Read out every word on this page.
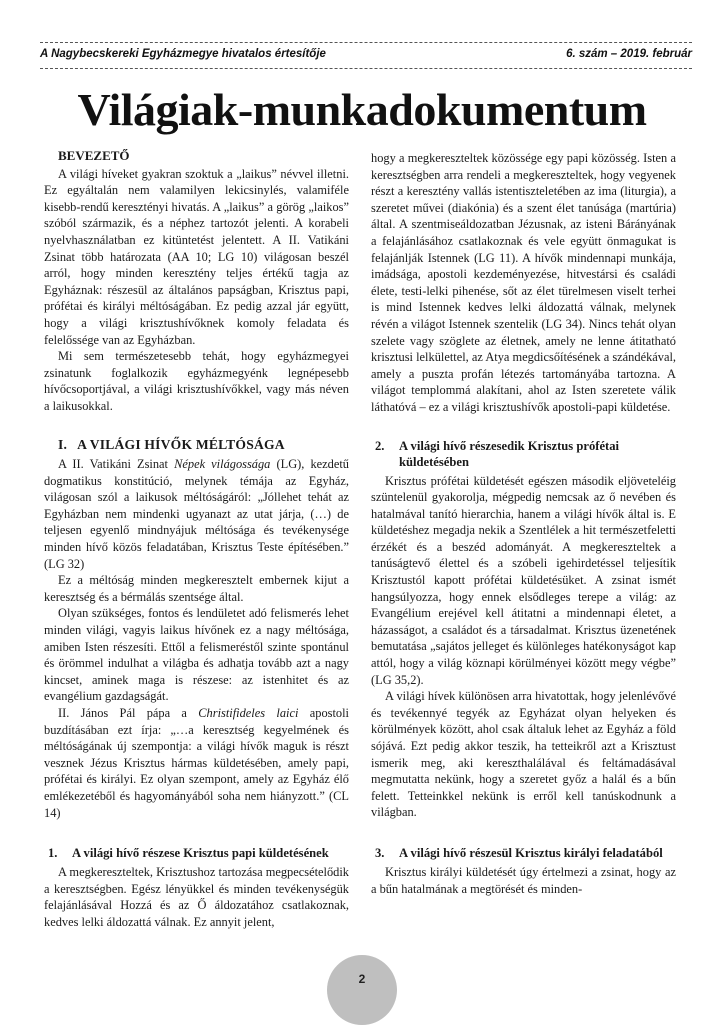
A Nagybecskereki Egyházmegye hivatalos értesítője	6. szám – 2019. február
Világiak-munkadokumentum
BEVEZETŐ

A világi híveket gyakran szoktuk a „laikus” névvel illetni. Ez egyáltalán nem valamilyen lekicsinylés, valamiféle kisebb-rendű keresztényi hivatás. A „laikus” a görög „laikos” szóból származik, és a néphez tartozót jelenti. A korabeli nyelvhasználatban ez kitüntetést jelentett. A II. Vatikáni Zsinat több határozata (AA 10; LG 10) világosan beszél arról, hogy minden keresztény teljes értékű tagja az Egyháznak: részesül az általános papságban, Krisztus papi, prófétai és királyi méltóságában. Ez pedig azzal jár együtt, hogy a világi krisztushívőknek komoly feladata és felelőssége van az Egyházban.

Mi sem természetesebb tehát, hogy egyházmegyei zsinatunk foglalkozik egyházmegyénk legnépesebb hívőcsoportjával, a világi krisztushívőkkel, vagy más néven a laikusokkal.

I.   A VILÁGI HÍVŐK MÉLTÓSÁGA

A II. Vatikáni Zsinat Népek világossága (LG), kezdetű dogmatikus konstitúció, melynek témája az Egyház, világosan szól a laikusok méltóságáról: „Jóllehet tehát az Egyházban nem mindenki ugyanazt az utat járja, (…) de teljesen egyenlő mindnyájuk méltósága és tevékenysége minden hívő közös feladatában, Krisztus Teste építésében.” (LG 32)

Ez a méltóság minden megkeresztelt embernek kijut a keresztség és a bérmálás szentsége által.

Olyan szükséges, fontos és lendületet adó felismerés lehet minden világi, vagyis laikus hívőnek ez a nagy méltósága, amiben Isten részesíti. Ettől a felismeréstől szinte spontánul és örömmel indulhat a világba és adhatja tovább azt a nagy kincset, aminek maga is részese: az istenhitet és az evangélium gazdagságát.

II. János Pál pápa a Christifideles laici apostoli buzdításában ezt írja: „…a keresztség kegyelmének és méltóságának új szempontja: a világi hívők maguk is részt vesznek Jézus Krisztus hármas küldetésében, amely papi, prófétai és királyi. Ez olyan szempont, amely az Egyház élő emlékezetéből és hagyományából soha nem hiányzott.” (CL 14)

1.	A világi hívő részese Krisztus papi küldetésének

A megkereszteltek, Krisztushoz tartozása megpecsételődik a keresztségben. Egész lényükkel és minden tevékenységük felajánlásával Hozzá és az Ő áldozatához csatlakoznak, kedves lelki áldozattá válnak. Ez annyit jelent,

hogy a megkereszteltek közössége egy papi közösség. Isten a keresztségben arra rendeli a megkereszteltek, hogy vegyenek részt a keresztény vallás istentiszteletében az ima (liturgia), a szeretet művei (diakónia) és a szent élet tanúsága (martúria) által. A szentmiseáldozatban Jézusnak, az isteni Bárányának a felajánlásához csatlakoznak és vele együtt önmagukat is felajánlják Istennek (LG 11). A hívők mindennapi munkája, imádsága, apostoli kezdeményezése, hitvestársi és családi élete, testi-lelki pihenése, sőt az élet türelmesen viselt terhei is mind Istennek kedves lelki áldozattá válnak, melynek révén a világot Istennek szentelik (LG 34). Nincs tehát olyan szelete vagy szöglete az életnek, amely ne lenne átitatható krisztusi lelkülettel, az Atya megdicsőítésének a szándékával, amely a puszta profán létezés tartományába tartozna. A világot templommá alakítani, ahol az Isten szeretete válik láthatóvá – ez a világi krisztushívők apostoli-papi küldetése.

2.	A világi hívő részesedik Krisztus prófétai küldetésében

Krisztus prófétai küldetését egészen második eljöveteléig szüntelenül gyakorolja, mégpedig nemcsak az ő nevében és hatalmával tanító hierarchia, hanem a világi hívők által is. E küldetéshez megadja nekik a Szentlélek a hit természetfeletti érzékét és a beszéd adományát. A megkereszteltek a tanúságtevő élettel és a szóbeli igehirdetéssel teljesítik Krisztustól kapott prófétai küldetésüket. A zsinat ismét hangsúlyozza, hogy ennek elsődleges terepe a világ: az Evangélium erejével kell átitatni a mindennapi életet, a házasságot, a családot és a társadalmat. Krisztus üzenetének bemutatása „sajátos jelleget és különleges hatékonyságot kap attól, hogy a világ köznapi körülményei között megy végbe” (LG 35,2).

A világi hívek különösen arra hivatottak, hogy jelenlévővé és tevékennyé tegyék az Egyházat olyan helyeken és körülmények között, ahol csak általuk lehet az Egyház a föld sójává. Ezt pedig akkor teszik, ha tetteikről azt a Krisztust ismerik meg, aki kereszthalálával és feltámadásával megmutatta nekünk, hogy a szeretet győz a halál és a bűn felett. Tetteinkkel nekünk is erről kell tanúskodnunk a világban.

3.	A világi hívő részesül Krisztus királyi feladatából

Krisztus királyi küldetését úgy értelmezi a zsinat, hogy az a bűn hatalmának a megtörését és minden-

2
